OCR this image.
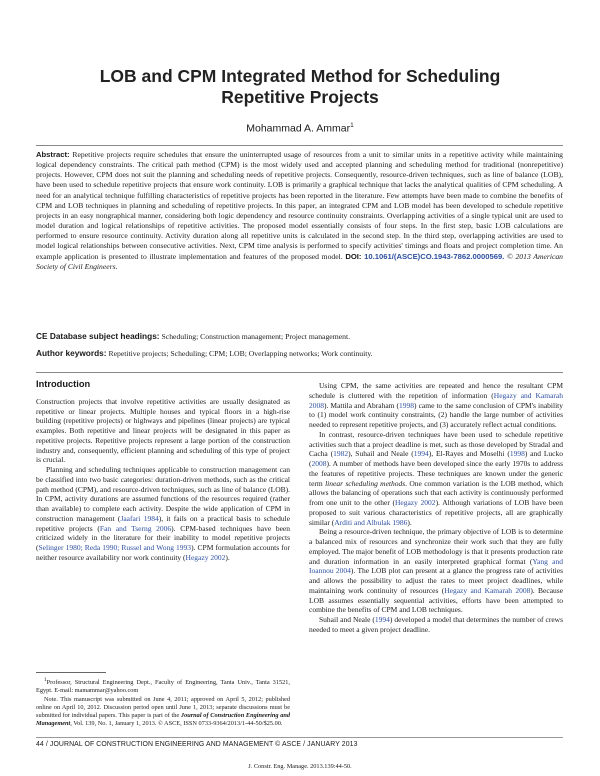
LOB and CPM Integrated Method for Scheduling
Repetitive Projects
Mohammad A. Ammar$^1$
Abstract: Repetitive projects require schedules that ensure the uninterrupted usage of resources from a unit to similar units in a repetitive activity while maintaining logical dependency constraints. The critical path method (CPM) is the most widely used and accepted planning and scheduling method for traditional (nonrepetitive) projects. However, CPM does not suit the planning and scheduling needs of repetitive projects. Consequently, resource-driven techniques, such as line of balance (LOB), have been used to schedule repetitive projects that ensure work continuity. LOB is primarily a graphical technique that lacks the analytical qualities of CPM scheduling. A need for an analytical technique fulfilling characteristics of repetitive projects has been reported in the literature. Few attempts have been made to combine the benefits of CPM and LOB techniques in planning and scheduling of repetitive projects. In this paper, an integrated CPM and LOB model has been developed to schedule repetitive projects in an easy nongraphical manner, considering both logic dependency and resource continuity constraints. Overlapping activities of a single typical unit are used to model duration and logical relationships of repetitive activities. The proposed model essentially consists of four steps. In the first step, basic LOB calculations are performed to ensure resource continuity. Activity duration along all repetitive units is calculated in the second step. In the third step, overlapping activities are used to model logical relationships between consecutive activities. Next, CPM time analysis is performed to specify activities' timings and floats and project completion time. An example application is presented to illustrate implementation and features of the proposed model. DOI: 10.1061/(ASCE)CO.1943-7862.0000569. © 2013 American Society of Civil Engineers.
CE Database subject headings: Scheduling; Construction management; Project management.
Author keywords: Repetitive projects; Scheduling; CPM; LOB; Overlapping networks; Work continuity.
Introduction

Construction projects that involve repetitive activities are usually designated as repetitive or linear projects. Multiple houses and typical floors in a high-rise building (repetitive projects) or highways and pipelines (linear projects) are typical examples. Both repetitive and linear projects will be designated in this paper as repetitive projects. Repetitive projects represent a large portion of the construction industry and, consequently, efficient planning and scheduling of this type of project is crucial.

Planning and scheduling techniques applicable to construction management can be classified into two basic categories: duration-driven methods, such as the critical path method (CPM), and resource-driven techniques, such as line of balance (LOB). In CPM, activity durations are assumed functions of the resources required (rather than available) to complete each activity. Despite the wide application of CPM in construction management (Jaafari 1984), it fails on a practical basis to schedule repetitive projects (Fan and Tserng 2006). CPM-based techniques have been criticized widely in the literature for their inability to model repetitive projects (Selinger 1980; Reda 1990; Russel and Wong 1993). CPM formulation accounts for neither resource availability nor work continuity (Hegazy 2002).

Using CPM, the same activities are repeated and hence the resultant CPM schedule is cluttered with the repetition of information (Hegazy and Kamarah 2008). Mattila and Abraham (1998) came to the same conclusion of CPM's inability to (1) model work continuity constraints, (2) handle the large number of activities needed to represent repetitive projects, and (3) accurately reflect actual conditions.

In contrast, resource-driven techniques have been used to schedule repetitive activities such that a project deadline is met, such as those developed by Stradal and Cacha (1982), Suhail and Neale (1994), El-Rayes and Moselhi (1998) and Lucko (2008). A number of methods have been developed since the early 1970s to address the features of repetitive projects. These techniques are known under the generic term linear scheduling methods. One common variation is the LOB method, which allows the balancing of operations such that each activity is continuously performed from one unit to the other (Hegazy 2002). Although variations of LOB have been proposed to suit various characteristics of repetitive projects, all are graphically similar (Arditi and Albulak 1986).

Being a resource-driven technique, the primary objective of LOB is to determine a balanced mix of resources and synchronize their work such that they are fully employed. The major benefit of LOB methodology is that it presents production rate and duration information in an easily interpreted graphical format (Yang and Ioannou 2004). The LOB plot can present at a glance the progress rate of activities and allows the possibility to adjust the rates to meet project deadlines, while maintaining work continuity of resources (Hegazy and Kamarah 2008). Because LOB assumes essentially sequential activities, efforts have been attempted to combine the benefits of CPM and LOB techniques.

Suhail and Neale (1994) developed a model that determines the number of crews needed to meet a given project deadline.

$^1$Professor, Structural Engineering Dept., Faculty of Engineering, Tanta Univ., Tanta 31521, Egypt. E-mail: mamammar@yahoo.com

Note. This manuscript was submitted on June 4, 2011; approved on April 5, 2012; published online on April 10, 2012. Discussion period open until June 1, 2013; separate discussions must be submitted for individual papers. This paper is part of the Journal of Construction Engineering and Management, Vol. 139, No. 1, January 1, 2013. © ASCE, ISSN 0733-9364/2013/1-44-50/$25.00.

44 / JOURNAL OF CONSTRUCTION ENGINEERING AND MANAGEMENT © ASCE / JANUARY 2013
J. Constr. Eng. Manage. 2013.139:44-50.
